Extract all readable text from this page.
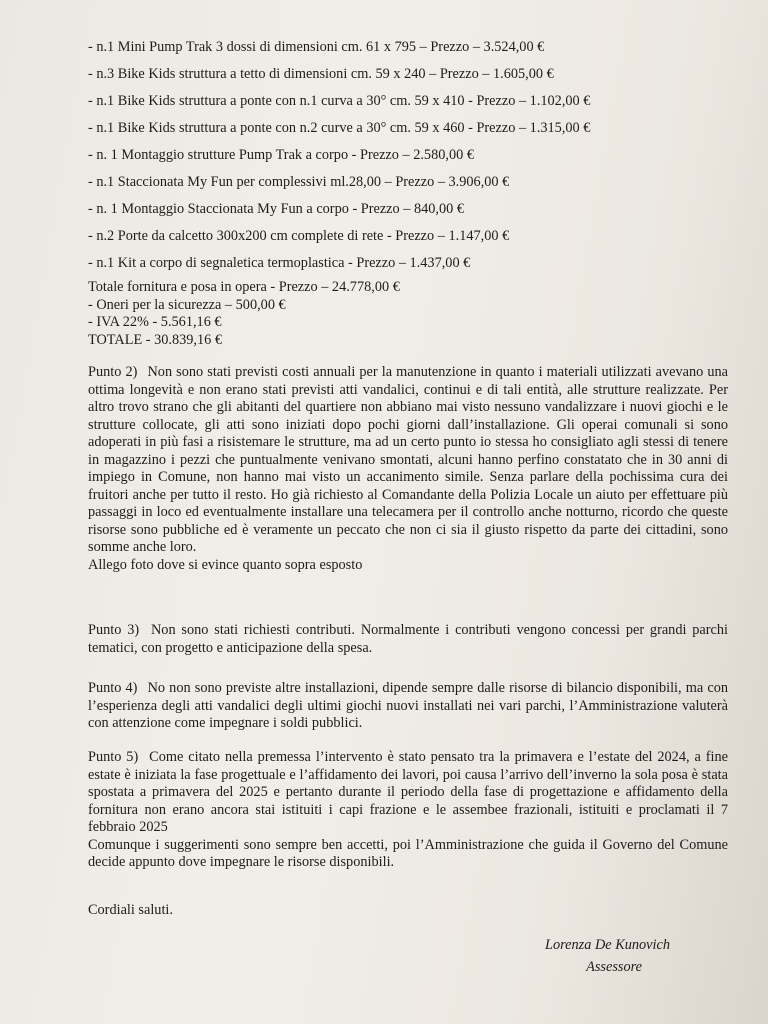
- n.1 Mini Pump Trak 3 dossi di dimensioni cm. 61 x 795 – Prezzo – 3.524,00 €
- n.3 Bike Kids struttura a tetto di dimensioni cm. 59 x 240 – Prezzo – 1.605,00 €
- n.1 Bike Kids struttura a ponte con n.1 curva a 30° cm. 59 x 410 - Prezzo – 1.102,00 €
- n.1 Bike Kids struttura a ponte con n.2 curve a 30° cm. 59 x 460 - Prezzo – 1.315,00 €
- n. 1 Montaggio strutture Pump Trak a corpo - Prezzo – 2.580,00 €
- n.1 Staccionata My Fun per complessivi ml.28,00 – Prezzo – 3.906,00 €
- n. 1 Montaggio Staccionata My Fun a corpo - Prezzo – 840,00 €
- n.2 Porte da calcetto 300x200 cm complete di rete - Prezzo – 1.147,00 €
- n.1 Kit a corpo di segnaletica termoplastica - Prezzo – 1.437,00 €
Totale fornitura e posa in opera - Prezzo – 24.778,00 €
- Oneri per la sicurezza – 500,00 €
- IVA 22% - 5.561,16 €
TOTALE - 30.839,16 €
Punto 2) Non sono stati previsti costi annuali per la manutenzione in quanto i materiali utilizzati avevano una ottima longevità e non erano stati previsti atti vandalici, continui e di tali entità, alle strutture realizzate. Per altro trovo strano che gli abitanti del quartiere non abbiano mai visto nessuno vandalizzare i nuovi giochi e le strutture collocate, gli atti sono iniziati dopo pochi giorni dall’installazione. Gli operai comunali si sono adoperati in più fasi a risistemare le strutture, ma ad un certo punto io stessa ho consigliato agli stessi di tenere in magazzino i pezzi che puntualmente venivano smontati, alcuni hanno perfino constatato che in 30 anni di impiego in Comune, non hanno mai visto un accanimento simile. Senza parlare della pochissima cura dei fruitori anche per tutto il resto. Ho già richiesto al Comandante della Polizia Locale un aiuto per effettuare più passaggi in loco ed eventualmente installare una telecamera per il controllo anche notturno, ricordo che queste risorse sono pubbliche ed è veramente un peccato che non ci sia il giusto rispetto da parte dei cittadini, sono somme anche loro.
Allego foto dove si evince quanto sopra esposto
Punto 3) Non sono stati richiesti contributi. Normalmente i contributi vengono concessi per grandi parchi tematici, con progetto e anticipazione della spesa.
Punto 4) No non sono previste altre installazioni, dipende sempre dalle risorse di bilancio disponibili, ma con l’esperienza degli atti vandalici degli ultimi giochi nuovi installati nei vari parchi, l’Amministrazione valuterà con attenzione come impegnare i soldi pubblici.
Punto 5) Come citato nella premessa l’intervento è stato pensato tra la primavera e l’estate del 2024, a fine estate è iniziata la fase progettuale e l’affidamento dei lavori, poi causa l’arrivo dell’inverno la sola posa è stata spostata a primavera del 2025 e pertanto durante il periodo della fase di progettazione e affidamento della fornitura non erano ancora stai istituiti i capi frazione e le assembee frazionali, istituiti e proclamati il 7 febbraio 2025
Comunque i suggerimenti sono sempre ben accetti, poi l’Amministrazione che guida il Governo del Comune decide appunto dove impegnare le risorse disponibili.
Cordiali saluti.
Lorenza De Kunovich
Assessore
